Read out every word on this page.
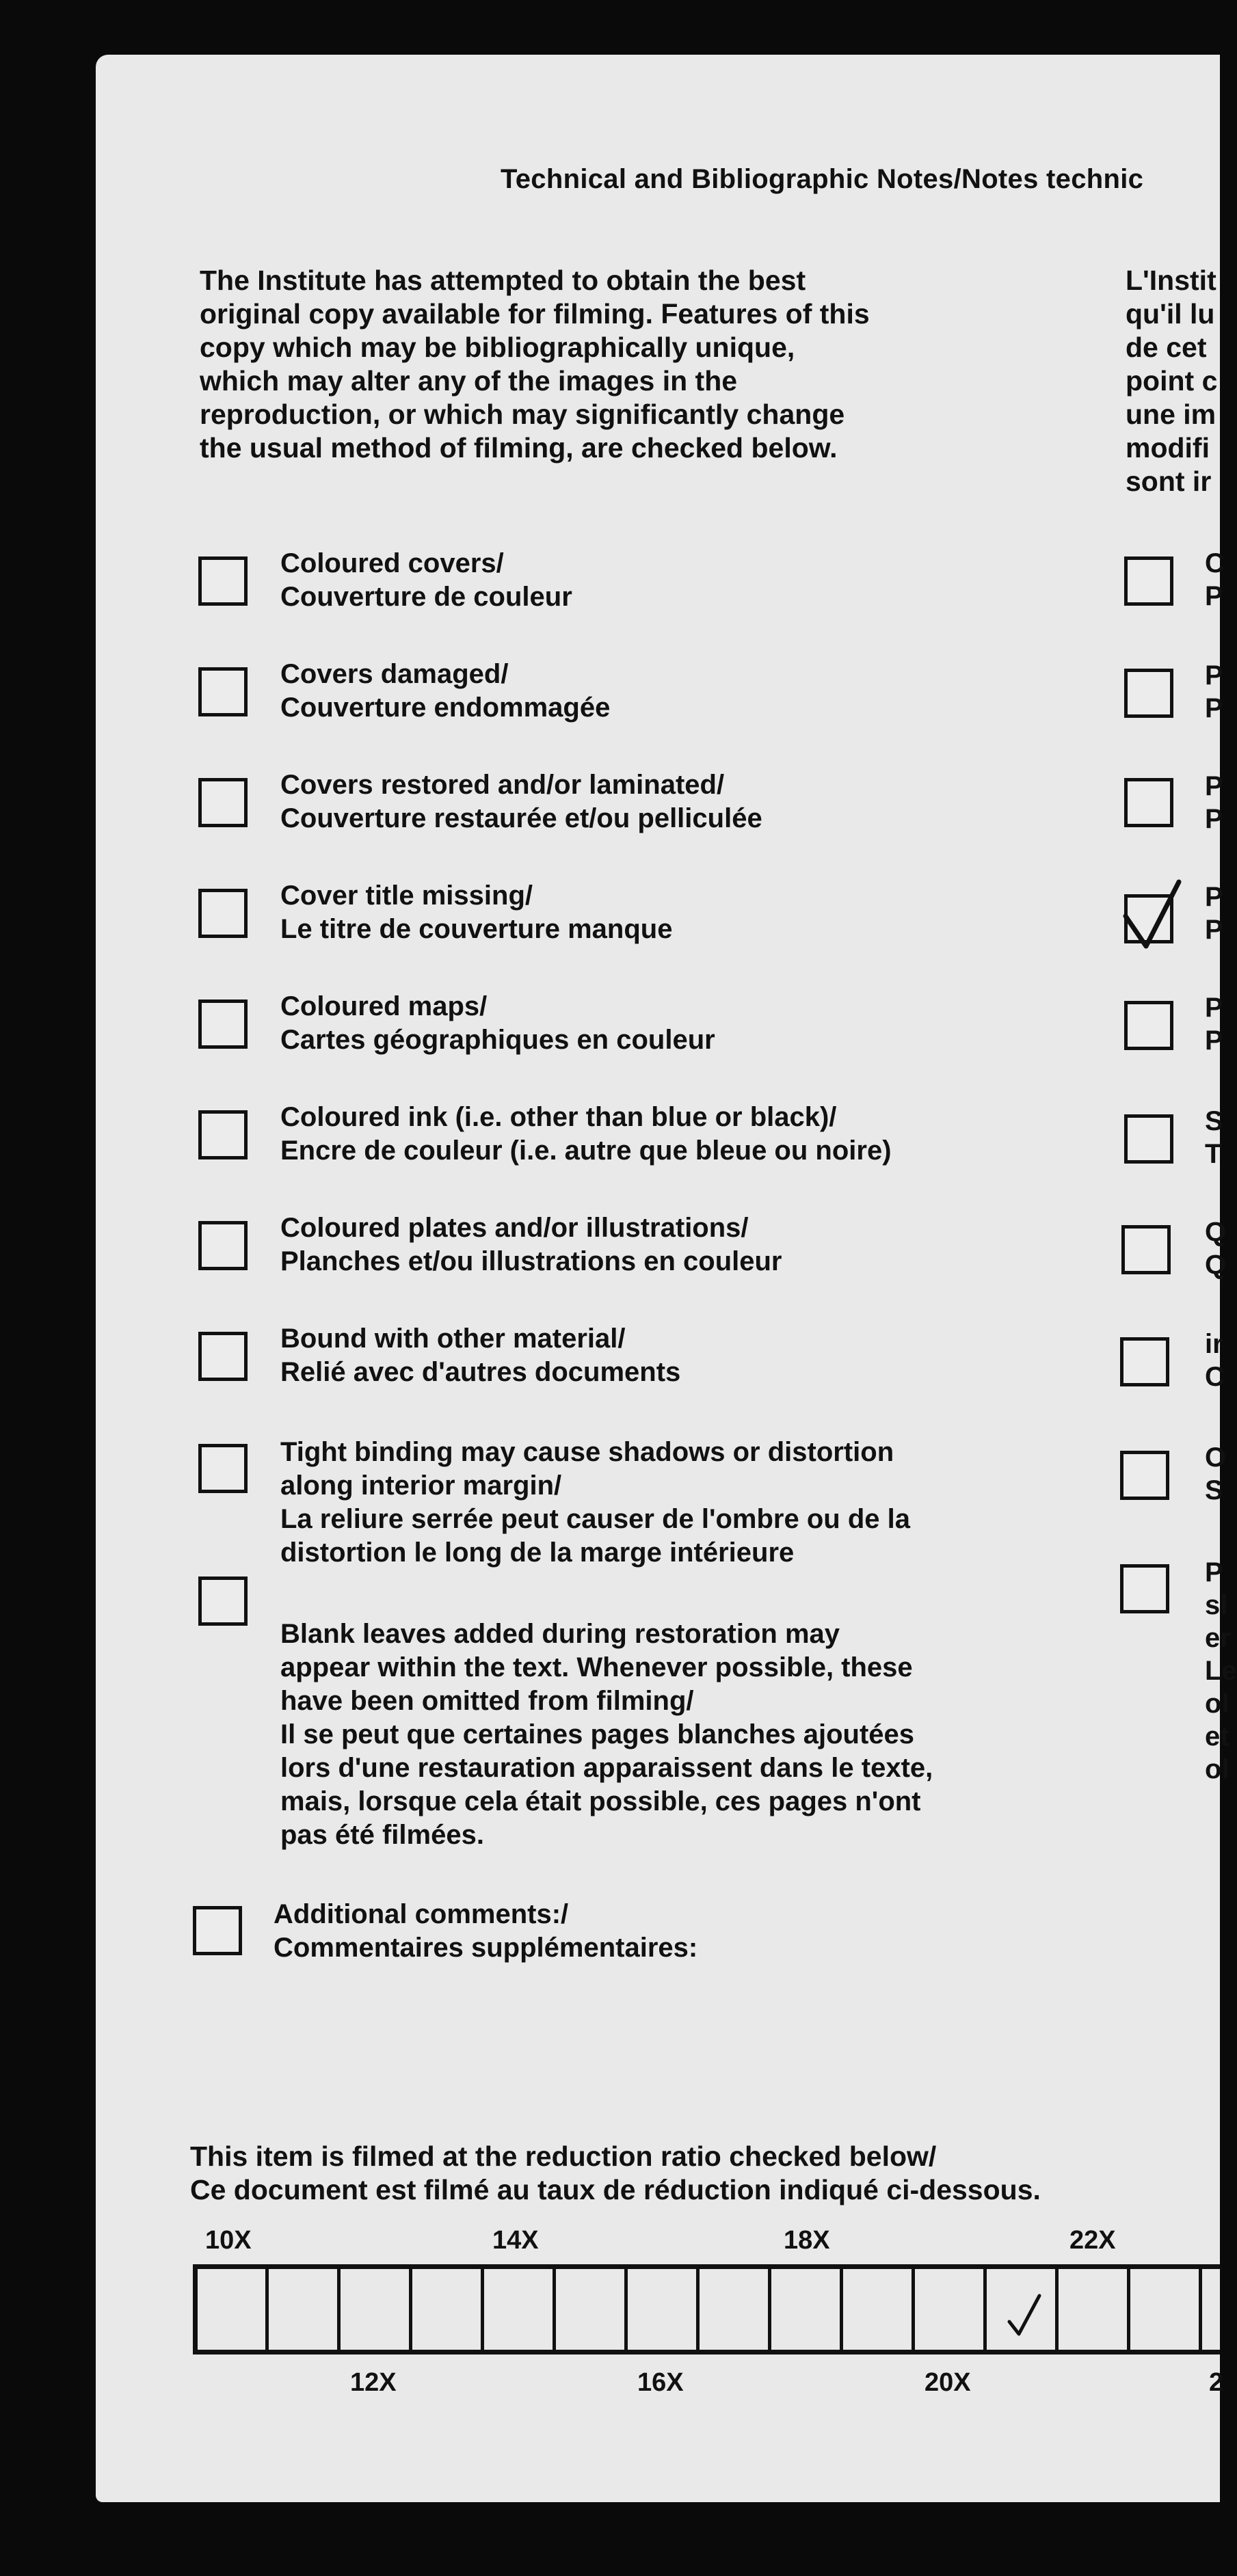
Technical and Bibliographic Notes/Notes technic
The Institute has attempted to obtain the best
original copy available for filming. Features of this
copy which may be bibliographically unique,
which may alter any of the images in the
reproduction, or which may significantly change
the usual method of filming, are checked below.
L'Instit
qu'il lu
de cet
point c
une im
modifi
sont ir
Coloured covers/
Couverture de couleur
Covers damaged/
Couverture endommagée
Covers restored and/or laminated/
Couverture restaurée et/ou pelliculée
Cover title missing/
Le titre de couverture manque
Coloured maps/
Cartes géographiques en couleur
Coloured ink (i.e. other than blue or black)/
Encre de couleur (i.e. autre que bleue ou noire)
Coloured plates and/or illustrations/
Planches et/ou illustrations en couleur
Bound with other material/
Relié avec d'autres documents
Tight binding may cause shadows or distortion
along interior margin/
La reliure serrée peut causer de l'ombre ou de la
distortion le long de la marge intérieure
Blank leaves added during restoration may
appear within the text. Whenever possible, these
have been omitted from filming/
Il se peut que certaines pages blanches ajoutées
lors d'une restauration apparaissent dans le texte,
mais, lorsque cela était possible, ces pages n'ont
pas été filmées.
Additional comments:/
Commentaires supplémentaires:
C
P
P
P
P
P
P
P
P
P
S
T
Q
Q
ir
C
O
S
P
sl
er
Le
ol
et
ol
This item is filmed at the reduction ratio checked below/
Ce document est filmé au taux de réduction indiqué ci-dessous.
10X	14X	18X	22X
12X	16X	20X	2
